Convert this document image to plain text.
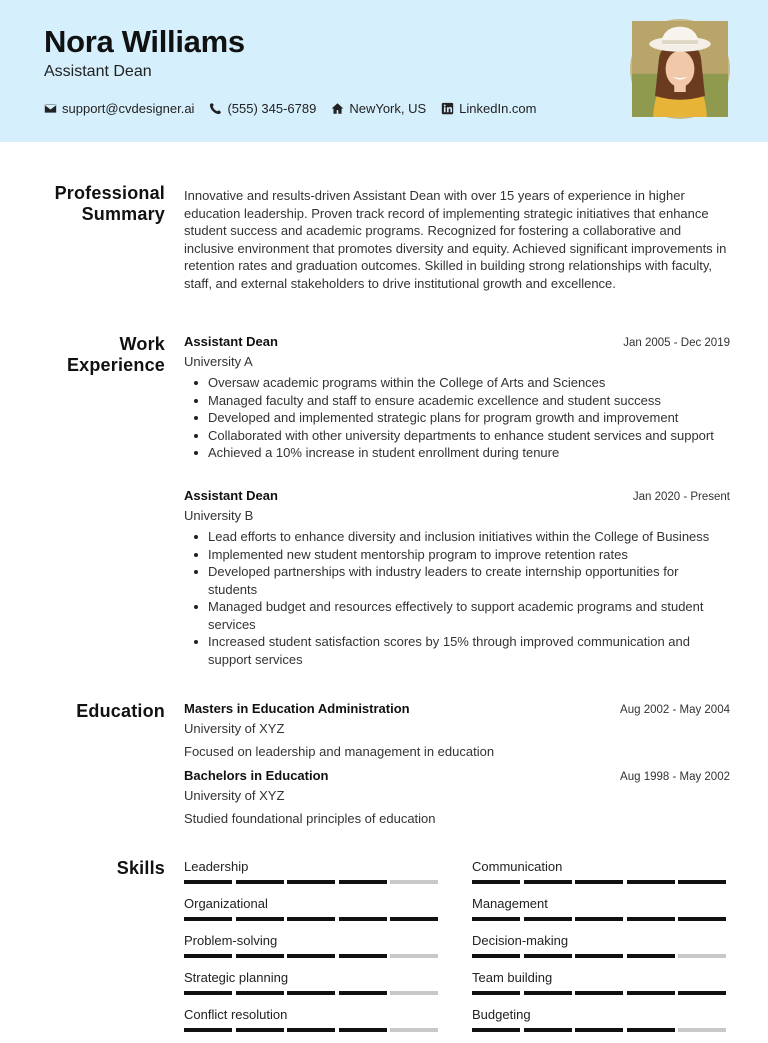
Nora Williams
Assistant Dean
support@cvdesigner.ai	(555) 345-6789	NewYork, US	LinkedIn.com
Professional
Summary
Innovative and results-driven Assistant Dean with over 15 years of experience in higher education leadership. Proven track record of implementing strategic initiatives that enhance student success and academic programs. Recognized for fostering a collaborative and inclusive environment that promotes diversity and equity. Achieved significant improvements in retention rates and graduation outcomes. Skilled in building strong relationships with faculty, staff, and external stakeholders to drive institutional growth and excellence.
Work
Experience
Assistant Dean	Jan 2005 - Dec 2019
University A
Oversaw academic programs within the College of Arts and Sciences
Managed faculty and staff to ensure academic excellence and student success
Developed and implemented strategic plans for program growth and improvement
Collaborated with other university departments to enhance student services and support
Achieved a 10% increase in student enrollment during tenure
Assistant Dean	Jan 2020 - Present
University B
Lead efforts to enhance diversity and inclusion initiatives within the College of Business
Implemented new student mentorship program to improve retention rates
Developed partnerships with industry leaders to create internship opportunities for students
Managed budget and resources effectively to support academic programs and student services
Increased student satisfaction scores by 15% through improved communication and support services
Education Masters in Education Administration	Aug 2002 - May 2004
University of XYZ
Focused on leadership and management in education
Bachelors in Education	Aug 1998 - May 2002
University of XYZ
Studied foundational principles of education
Skills Leadership	Communication
Organizational	Management
Problem-solving	Decision-making
Strategic planning	Team building
Conflict resolution	Budgeting
